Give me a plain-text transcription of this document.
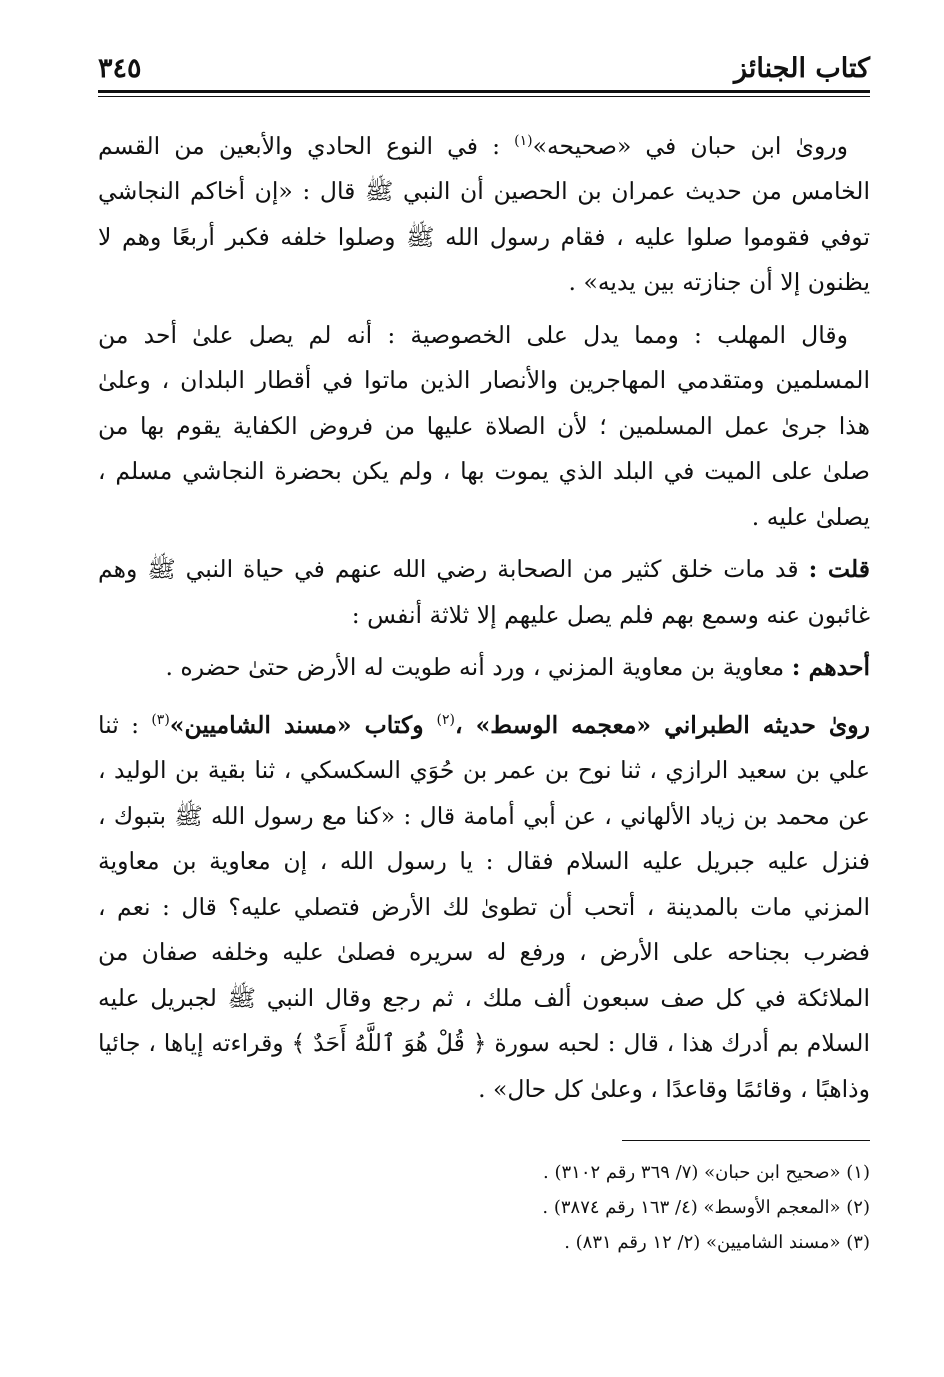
كتاب الجنائز
٣٤٥

وروىٰ ابن حبان في «صحيحه»$^{(١)}$ : في النوع الحادي والأبعين من القسم الخامس من حديث عمران بن الحصين أن النبي ﷺ قال : «إن أخاكم النجاشي توفي فقوموا صلوا عليه ، فقام رسول الله ﷺ وصلوا خلفه فكبر أربعًا وهم لا يظنون إلا أن جنازته بين يديه» .

وقال المهلب : ومما يدل على الخصوصية : أنه لم يصل علىٰ أحد من المسلمين ومتقدمي المهاجرين والأنصار الذين ماتوا في أقطار البلدان ، وعلىٰ هذا جرىٰ عمل المسلمين ؛ لأن الصلاة عليها من فروض الكفاية يقوم بها من صلىٰ على الميت في البلد الذي يموت بها ، ولم يكن بحضرة النجاشي مسلم ، يصلىٰ عليه .

قلت : قد مات خلق كثير من الصحابة رضي الله عنهم في حياة النبي ﷺ وهم غائبون عنه وسمع بهم فلم يصل عليهم إلا ثلاثة أنفس :

أحدهم : معاوية بن معاوية المزني ، ورد أنه طويت له الأرض حتىٰ حضره .

روىٰ حديثه الطبراني «معجمه الوسط» ،$^{(٢)}$ وكتاب «مسند الشاميين»$^{(٣)}$ : ثنا علي بن سعيد الرازي ، ثنا نوح بن عمر بن حُوَي السكسكي ، ثنا بقية بن الوليد ، عن محمد بن زياد الألهاني ، عن أبي أمامة قال : «كنا مع رسول الله ﷺ بتبوك ، فنزل عليه جبريل عليه السلام فقال : يا رسول الله ، إن معاوية بن معاوية المزني مات بالمدينة ، أتحب أن تطوىٰ لك الأرض فتصلي عليه؟ قال : نعم ، فضرب بجناحه على الأرض ، ورفع له سريره فصلىٰ عليه وخلفه صفان من الملائكة في كل صف سبعون ألف ملك ، ثم رجع وقال النبي ﷺ لجبريل عليه السلام بم أدرك هذا ، قال : لحبه سورة ﴿ قُلْ هُوَ ٱللَّهُ أَحَدٌ ﴾ وقراءته إياها ، جائيا وذاهبًا ، وقائمًا وقاعدًا ، وعلىٰ كل حال» .

(١) «صحيح ابن حبان» (٧/ ٣٦٩ رقم ٣١٠٢) .
(٢) «المعجم الأوسط» (٤/ ١٦٣ رقم ٣٨٧٤) .
(٣) «مسند الشاميين» (٢/ ١٢ رقم ٨٣١) .
